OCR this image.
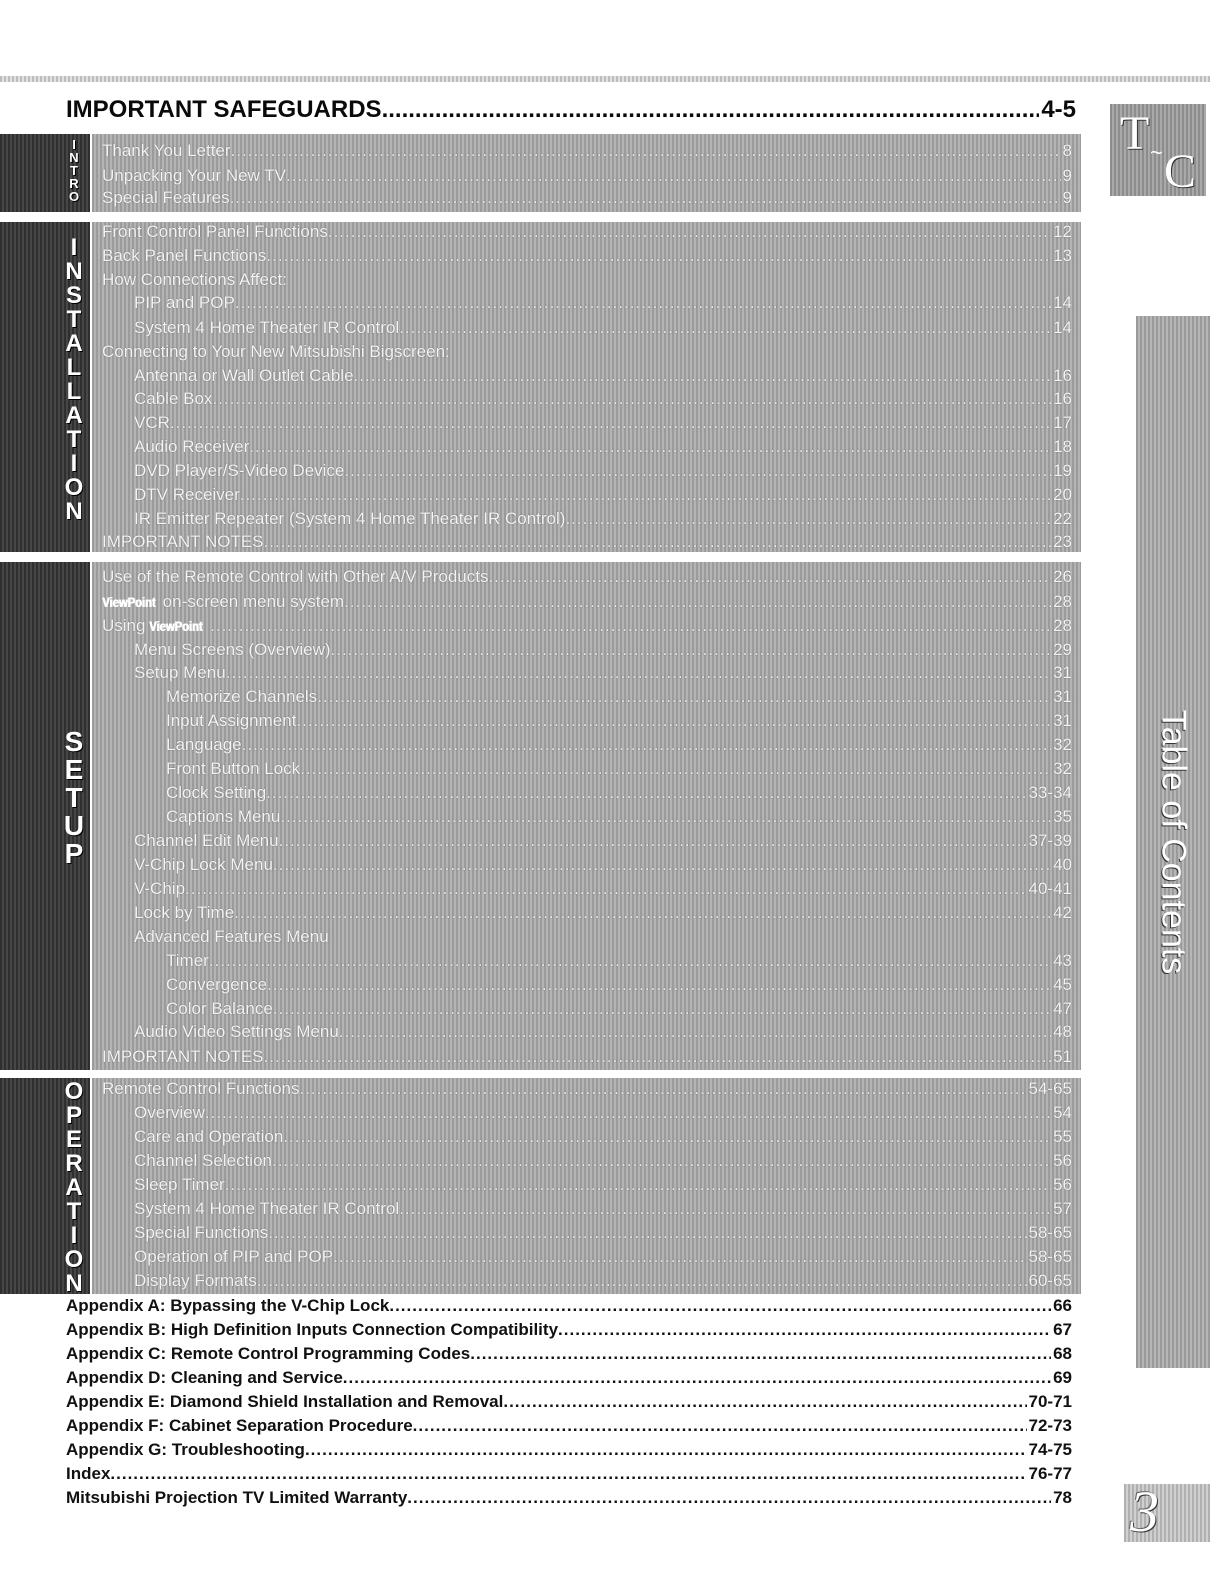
IMPORTANT SAFEGUARDS .....	4-5
I
N
T
R
O
Thank You Letter .....	8
Unpacking Your New TV .....	9
Special Features .....	9
I
N
S
T
A
L
L
A
T
I
O
N
Front Control Panel Functions .....	12
Back Panel Functions .....	13
How Connections Affect:
PIP and POP .....	14
System 4 Home Theater IR Control .....	14
Connecting to Your New Mitsubishi Bigscreen:
Antenna or Wall Outlet Cable .....	16
Cable Box .....	16
VCR .....	17
Audio Receiver .....	18
DVD Player/S-Video Device .....	19
DTV Receiver .....	20
IR Emitter Repeater (System 4 Home Theater IR Control) .....	22
IMPORTANT NOTES .....	23
S
E
T
U
P
Use of the Remote Control with Other A/V Products .....	26
ViewPoint on-screen menu system .....	28
Using ViewPoint .....	28
Menu Screens (Overview) .....	29
Setup Menu .....	31
Memorize Channels .....	31
Input Assignment .....	31
Language .....	32
Front Button Lock .....	32
Clock Setting .....	33-34
Captions Menu .....	35
Channel Edit Menu .....	37-39
V-Chip Lock Menu .....	40
V-Chip .....	40-41
Lock by Time .....	42
Advanced Features Menu
Timer .....	43
Convergence .....	45
Color Balance .....	47
Audio Video Settings Menu .....	48
IMPORTANT NOTES .....	51
O
P
E
R
A
T
I
O
N
Remote Control Functions .....	54-65
Overview .....	54
Care and Operation .....	55
Channel Selection .....	56
Sleep Timer .....	56
System 4 Home Theater IR Control .....	57
Special Functions .....	58-65
Operation of PIP and POP .....	58-65
Display Formats .....	60-65
Appendix A: Bypassing the V-Chip Lock .....	66
Appendix B: High Definition Inputs Connection Compatibility .....	67
Appendix C: Remote Control Programming Codes .....	68
Appendix D: Cleaning and Service .....	69
Appendix E: Diamond Shield Installation and Removal .....	70-71
Appendix F: Cabinet Separation Procedure .....	72-73
Appendix G: Troubleshooting .....	74-75
Index .....	76-77
Mitsubishi Projection TV Limited Warranty .....	78
T ~ C
Table of Contents
3
